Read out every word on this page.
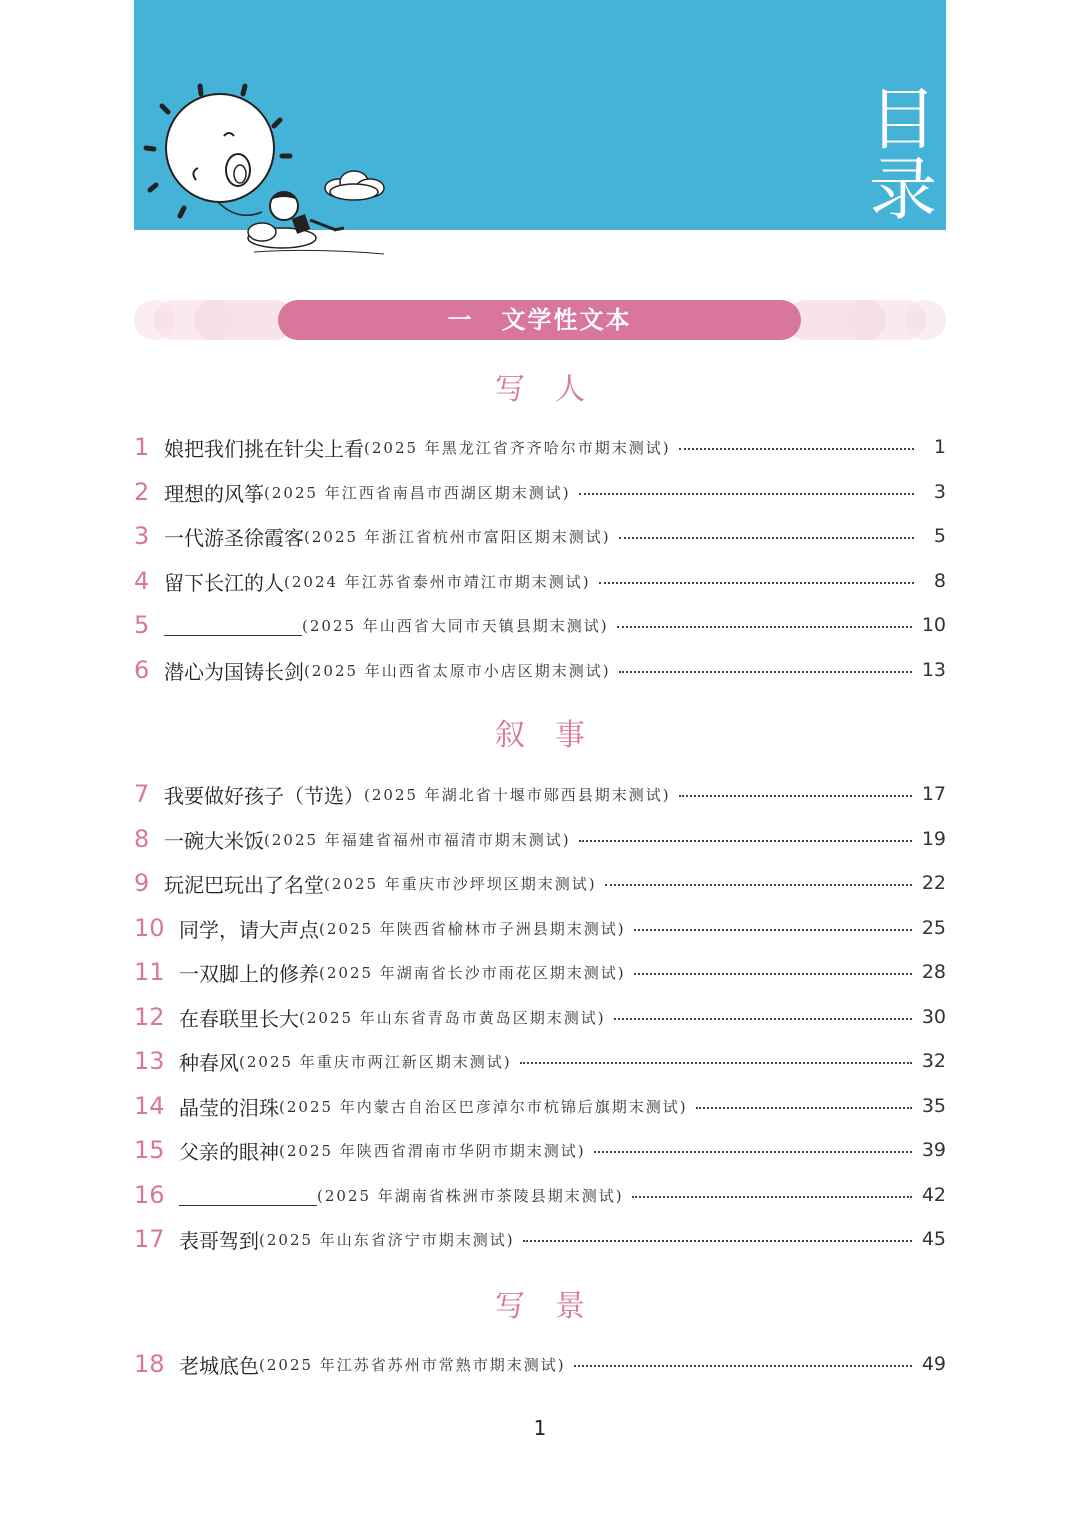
目录
一 文学性文本
写人
1 娘把我们挑在针尖上看 (2025 年黑龙江省齐齐哈尔市期末测试)	1
2 理想的风筝 (2025 年江西省南昌市西湖区期末测试)	3
3 一代游圣徐霞客 (2025 年浙江省杭州市富阳区期末测试)	5
4 留下长江的人 (2024 年江苏省泰州市靖江市期末测试)	8
5	(2025 年山西省大同市天镇县期末测试)	10
6 潜心为国铸长剑 (2025 年山西省太原市小店区期末测试)	13
叙事
7 我要做好孩子（节选） (2025 年湖北省十堰市郧西县期末测试)	17
8 一碗大米饭 (2025 年福建省福州市福清市期末测试)	19
9 玩泥巴玩出了名堂 (2025 年重庆市沙坪坝区期末测试)	22
10 同学，请大声点 (2025 年陕西省榆林市子洲县期末测试)	25
11 一双脚上的修养 (2025 年湖南省长沙市雨花区期末测试)	28
12 在春联里长大 (2025 年山东省青岛市黄岛区期末测试)	30
13 种春风 (2025 年重庆市两江新区期末测试)	32
14 晶莹的泪珠 (2025 年内蒙古自治区巴彦淖尔市杭锦后旗期末测试)	35
15 父亲的眼神 (2025 年陕西省渭南市华阴市期末测试)	39
16	(2025 年湖南省株洲市茶陵县期末测试)	42
17 表哥驾到 (2025 年山东省济宁市期末测试)	45
写景
18 老城底色 (2025 年江苏省苏州市常熟市期末测试)	49
1
